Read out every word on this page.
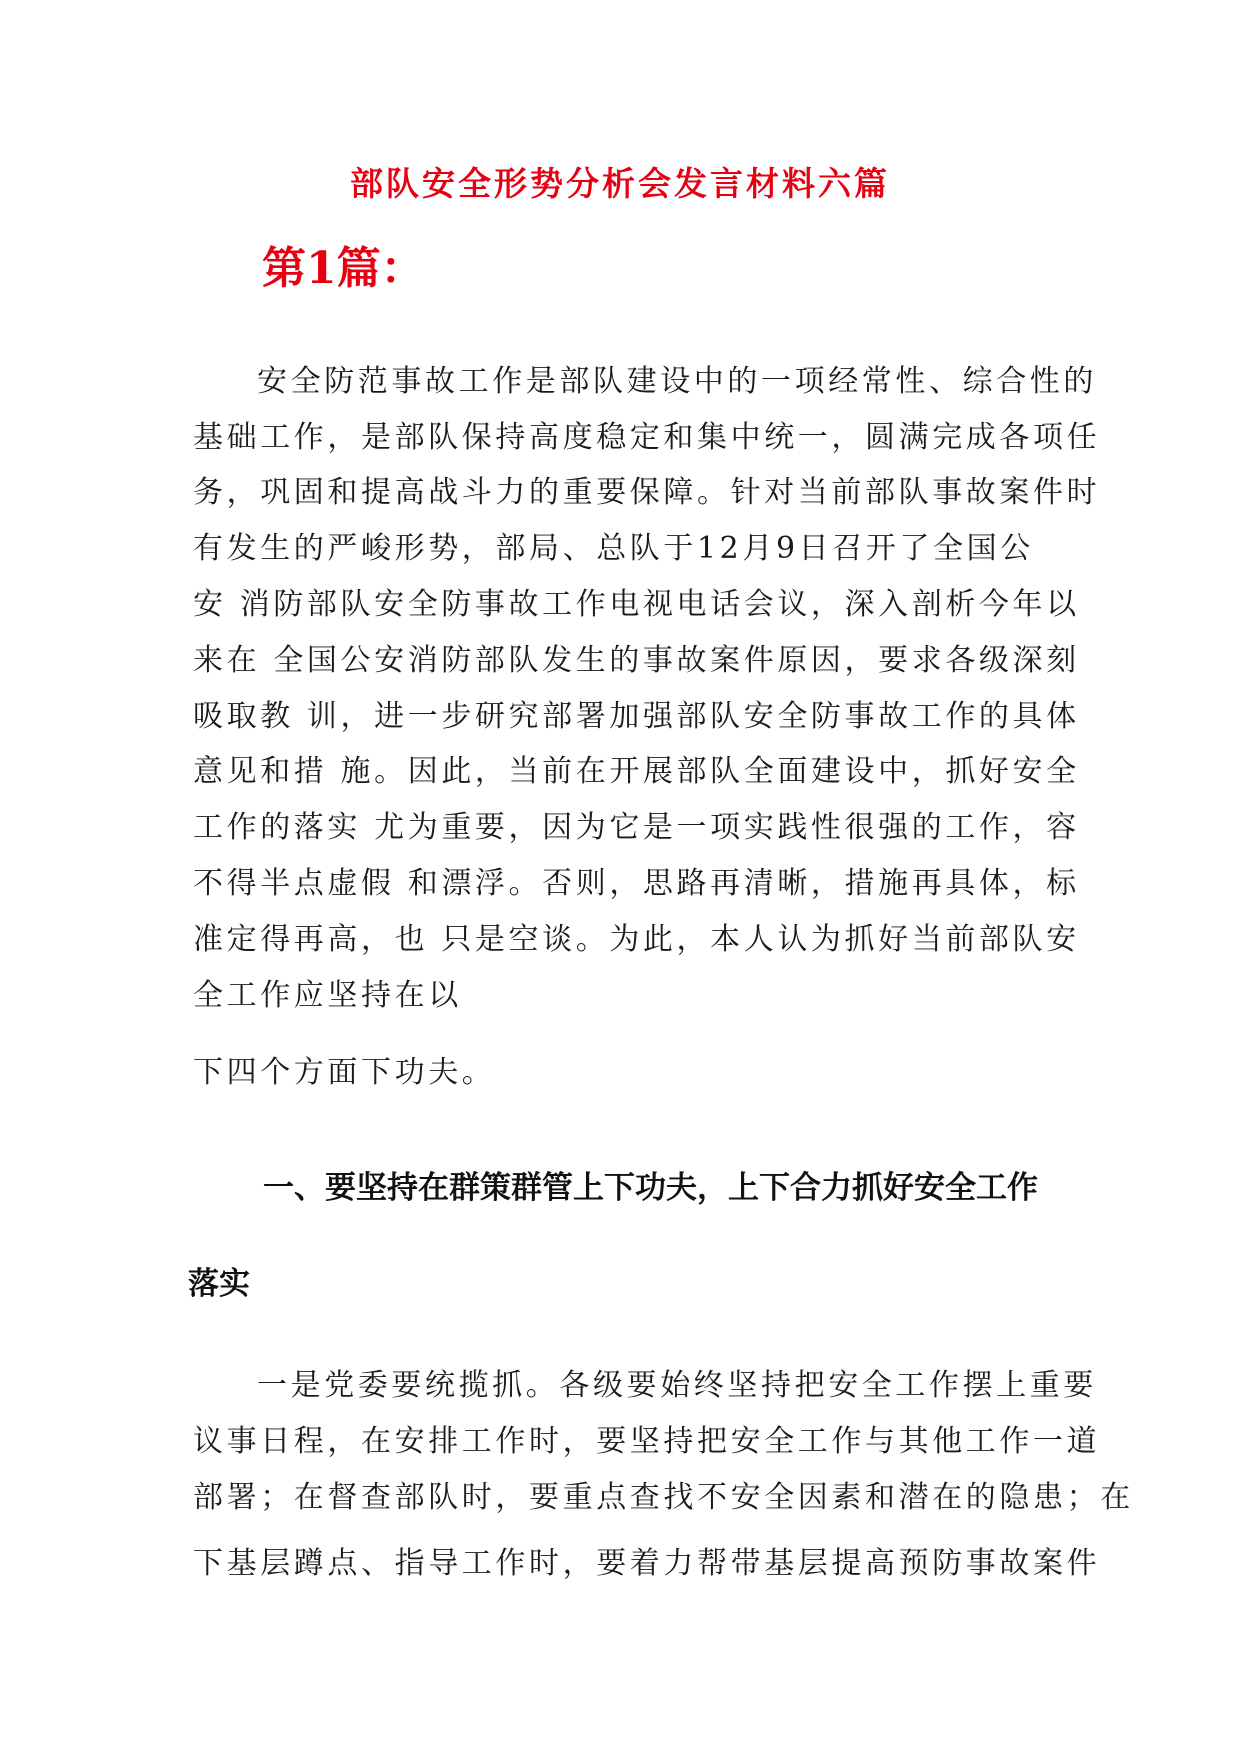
部队安全形势分析会发言材料六篇
第1篇：
安全防范事故工作是部队建设中的一项经常性、综合性的
基础工作，是部队保持高度稳定和集中统一，圆满完成各项任
务，巩固和提高战斗力的重要保障。针对当前部队事故案件时
有发生的严峻形势，部局、总队于12月9日召开了全国公
安 消防部队安全防事故工作电视电话会议，深入剖析今年以
来在 全国公安消防部队发生的事故案件原因，要求各级深刻
吸取教 训，进一步研究部署加强部队安全防事故工作的具体
意见和措 施。因此，当前在开展部队全面建设中，抓好安全
工作的落实 尤为重要，因为它是一项实践性很强的工作，容
不得半点虚假 和漂浮。否则，思路再清晰，措施再具体，标
准定得再高，也 只是空谈。为此，本人认为抓好当前部队安
全工作应坚持在以
下四个方面下功夫。
一、要坚持在群策群管上下功夫，上下合力抓好安全工作
落实
一是党委要统揽抓。各级要始终坚持把安全工作摆上重要
议事日程，在安排工作时，要坚持把安全工作与其他工作一道
部署；在督查部队时，要重点查找不安全因素和潜在的隐患；在
下基层蹲点、指导工作时，要着力帮带基层提高预防事故案件
